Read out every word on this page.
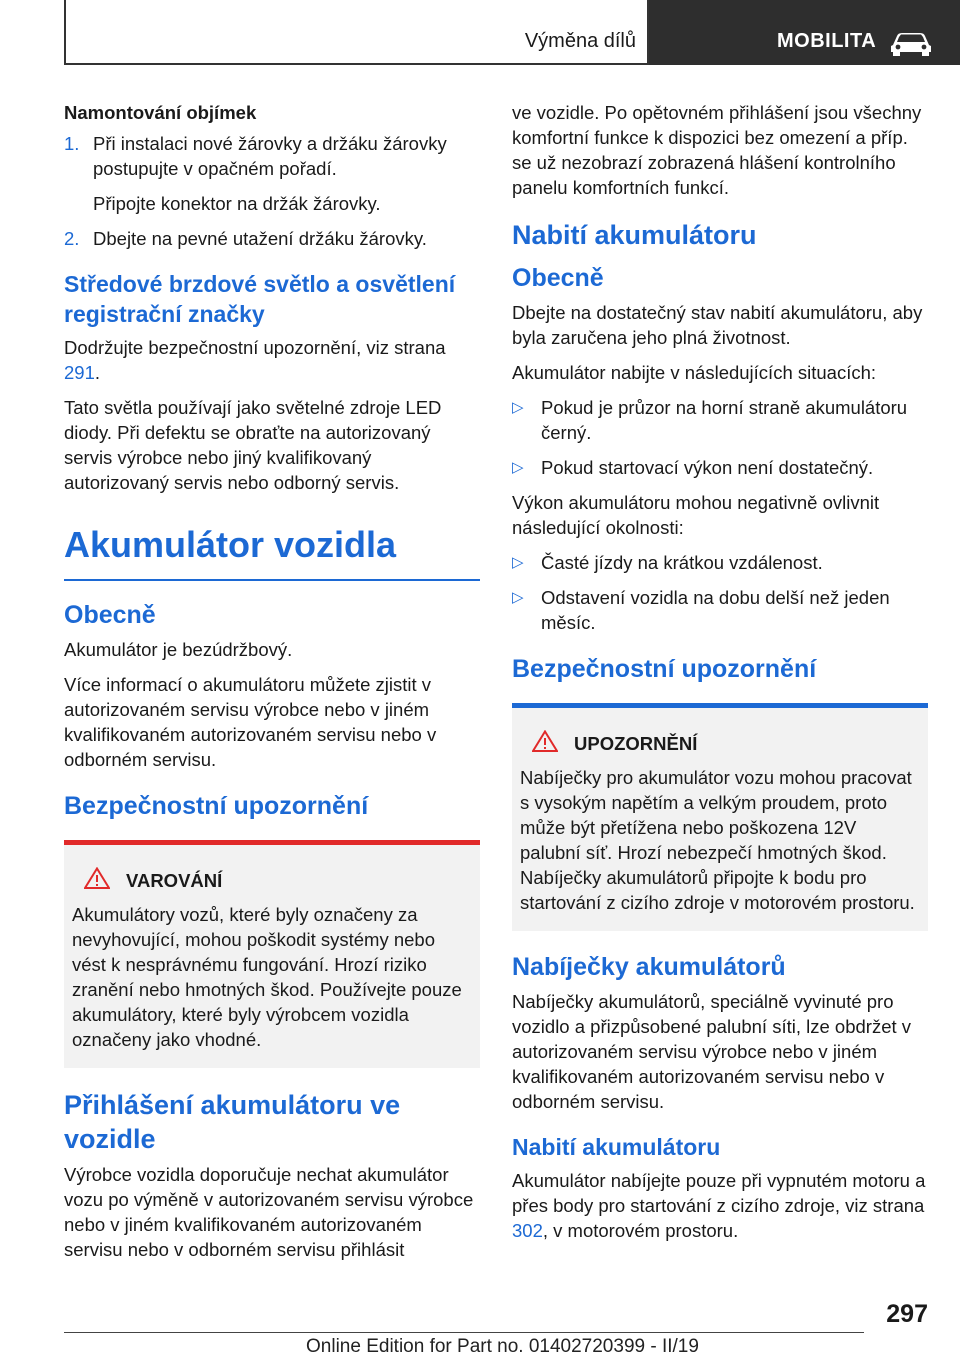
Výměna dílů	MOBILITA
Namontování objímek
1. Při instalaci nové žárovky a držáku žárovky postupujte v opačném pořadí.

Připojte konektor na držák žárovky.

2. Dbejte na pevné utažení držáku žárovky.
Středové brzdové světlo a osvětlení registrační značky

Dodržujte bezpečnostní upozornění, viz strana 291.

Tato světla používají jako světelné zdroje LED diody. Při defektu se obraťte na autorizovaný servis výrobce nebo jiný kvalifikovaný autorizovaný servis nebo odborný servis.

Akumulátor vozidla
Obecně

Akumulátor je bezúdržbový.

Více informací o akumulátoru můžete zjistit v autorizovaném servisu výrobce nebo v jiném kvalifikovaném autorizovaném servisu nebo v odborném servisu.

Bezpečnostní upozornění
VAROVÁNÍ

Akumulátory vozů, které byly označeny za nevyhovující, mohou poškodit systémy nebo vést k nesprávnému fungování. Hrozí riziko zranění nebo hmotných škod. Používejte pouze akumulátory, které byly výrobcem vozidla označeny jako vhodné.

Přihlášení akumulátoru ve vozidle

Výrobce vozidla doporučuje nechat akumulátor vozu po výměně v autorizovaném servisu výrobce nebo v jiném kvalifikovaném autorizovaném servisu nebo v odborném servisu přihlásit

ve vozidle. Po opětovném přihlášení jsou všechny komfortní funkce k dispozici bez omezení a příp. se už nezobrazí zobrazená hlášení kontrolního panelu komfortních funkcí.

Nabití akumulátoru
Obecně

Dbejte na dostatečný stav nabití akumulátoru, aby byla zaručena jeho plná životnost.

Akumulátor nabijte v následujících situacích:

▷ Pokud je průzor na horní straně akumulátoru černý.
▷ Pokud startovací výkon není dostatečný.

Výkon akumulátoru mohou negativně ovlivnit následující okolnosti:

▷ Časté jízdy na krátkou vzdálenost.
▷ Odstavení vozidla na dobu delší než jeden měsíc.
Bezpečnostní upozornění
UPOZORNĚNÍ

Nabíječky pro akumulátor vozu mohou pracovat s vysokým napětím a velkým proudem, proto může být přetížena nebo poškozena 12V palubní síť. Hrozí nebezpečí hmotných škod. Nabíječky akumulátorů připojte k bodu pro startování z cizího zdroje v motorovém prostoru.

Nabíječky akumulátorů

Nabíječky akumulátorů, speciálně vyvinuté pro vozidlo a přizpůsobené palubní síti, lze obdržet v autorizovaném servisu výrobce nebo v jiném kvalifikovaném autorizovaném servisu nebo v odborném servisu.

Nabití akumulátoru

Akumulátor nabíjejte pouze při vypnutém motoru a přes body pro startování z cizího zdroje, viz strana 302, v motorovém prostoru.

297
Online Edition for Part no. 01402720399 - II/19
